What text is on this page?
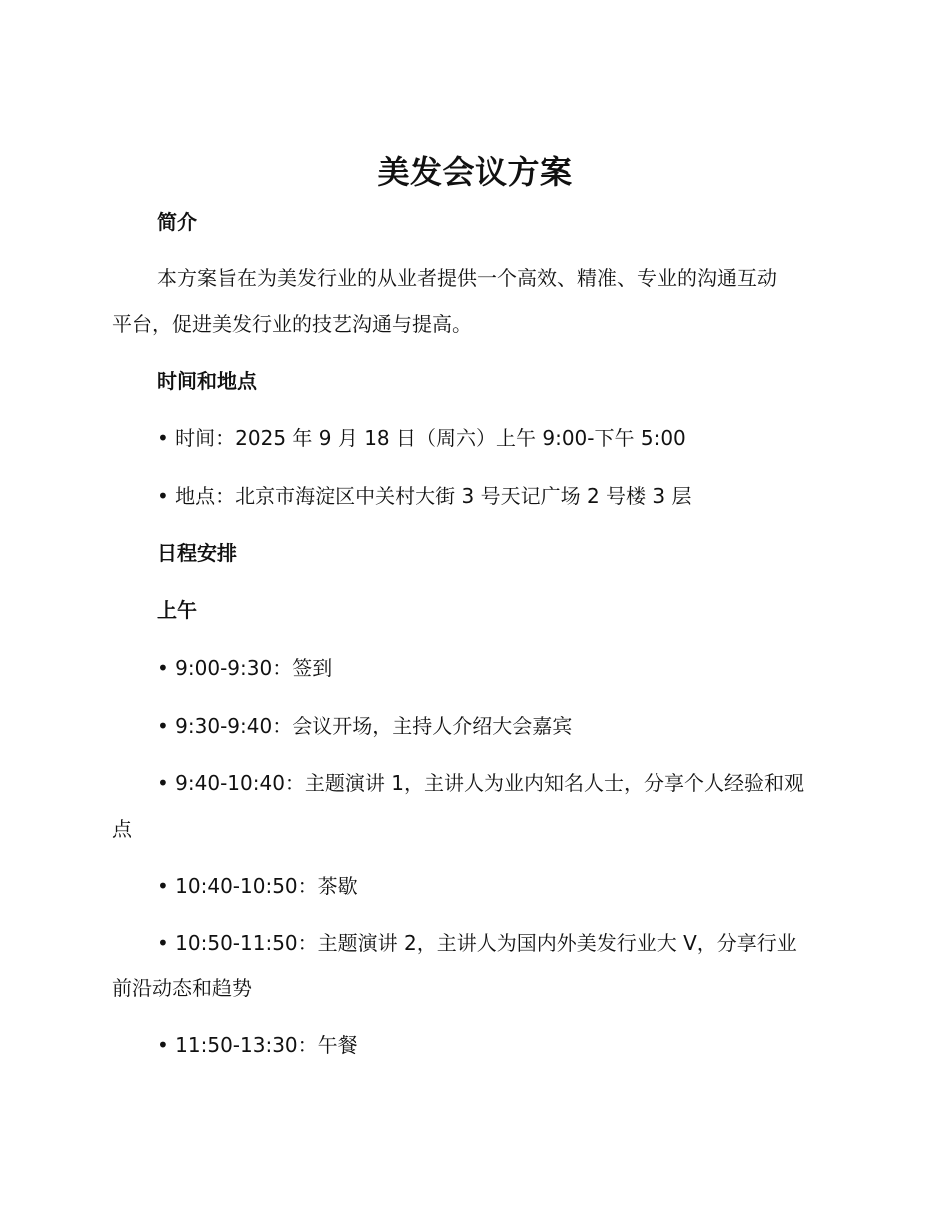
美发会议方案
简介
本方案旨在为美发行业的从业者提供一个高效、精准、专业的沟通互动
平台，促进美发行业的技艺沟通与提高。
时间和地点
• 时间：2025 年 9 月 18 日（周六）上午 9:00-下午 5:00
• 地点：北京市海淀区中关村大街 3 号天记广场 2 号楼 3 层
日程安排
上午
• 9:00-9:30：签到
• 9:30-9:40：会议开场，主持人介绍大会嘉宾
• 9:40-10:40：主题演讲 1，主讲人为业内知名人士，分享个人经验和观
点
• 10:40-10:50：茶歇
• 10:50-11:50：主题演讲 2，主讲人为国内外美发行业大 V，分享行业
前沿动态和趋势
• 11:50-13:30：午餐
